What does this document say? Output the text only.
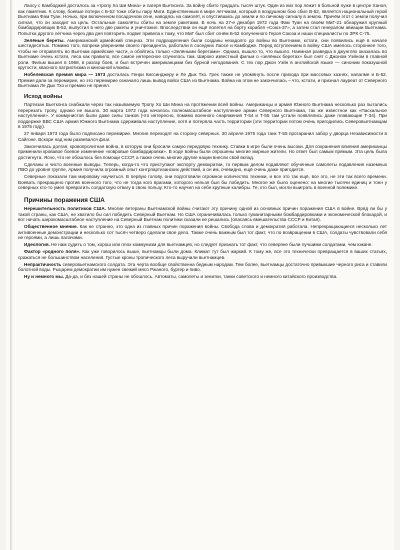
Лаосу с Камбоджей досталось за «тропу Хо Ши Мина» и лагеря Вьетконга. За войну сбито тридцать тысяч штук. Один из них пор лежит в больной луже в центре Ханоя, как памятник. К слову, боевые потери с Б-52 тоже сбиты пару Миги. Единственным в мире летчиком, который в воздушном бою сбил B-52, является национальный герой Вьетнама Фам Туан. Ночью, при включенном посадочном огне, наводясь на самолёт, и опустившись до земли и по личному сигналу в землю. Причём этот с земли получил сигнал, что он заходит на цель. Остальные самолёты сбиты на земле ракетами. В ночь на 27-е декабря 1972 года Фам Туан на своём МиГ-21 обнаружил крупный бомбардировщик B-52, выпустил в него две ракеты и уничтожил. Впоследствии он ещё полетел на борту корабля «Союз-37», а затем стал генералом авиации Вьетнама. Попытка другого летчика через два дня повторить подвиг привела к тому, что МиГ был сбит огнём Б-52 полученного Героя Союза и наши специалисты по ЗРК С-75.

Зелёные береты. Американский армейский спецназ. Эти подразделения были созданы незадолго до войны во Вьетнаме, кстати, они появились ещё в начале шестидесятых. Помимо того, вопреки уверениям своего президента, работали в соседних Лаосе и Камбодже. Перед вступлением в войну США имелось стороннее того, чтобы не отправлять во Вьетнам армейские части, а обойтись только «Зелёными беретами». Однако, вышло то, что вышло. Наемная разведка в джунглях оказалась во Вьетнаме очень кстати, леса как правило, все самое интересное случилось там. Широко известный фильм о «зелёных беретах» был снят с Джоном Уэйном в главной роли. Фильм вышел в 1968, в разгар боев, и был встречен американцами без бурной негодования. С тех пор Джон Уэйн в английской языке — синоним показушной крутости, квасного патриотизма и киношной клюквы.

Нобелевская премия мира — 1973 досталась Генри Киссинджеру и Ле Дык Тхо. Грех также не упомянуть после прихода при массовых казнях, напалме и Б-52. Премия дали за перемирие, но это перемирие означало лишь вывод войск США из Вьетнама. Война на этом не закончилась – что, кстати, и признал лауреат от Северного Вьетнама Ле Дык Тхо и премию не принял.

Исход войны

Партизан Вьетконга снабжали через так называемую Тропу Хо Ши Мина на протяжении всей войны. Американцы и армия Южного Вьетнама несколько раз пытались перерезать тропу, однако не вышло. 30 марта 1972 года началось полномасштабное наступление армии Северного Вьетнама, так же известное как «Пасхальное наступление». У коммунистов были даже силы танков (что интересно, помимо военного снаряжения Т-54 и Т-55 там устали появлялись даже плавающие Т-34). При поддержке ВВС США армия Южного Вьетнама сдерживала наступление, хотя и потеряла часть территории (эти территории потом очень пригодились Северовьетнамцам в 1975 году).

27 января 1973 года было подписано перемирие. Многие переходят на сторону северных. 30 апреля 1975 года танк Т-55 протаранил забор у дворца Независимости в Сайгоне. Вскоре над ним развевался флаг.

Закончилась долгая, кровопролитная война, в которую они бросили самую передовую технику. Ставки в игре были очень высоки. Для сохранения влияния американцы применили кровавое боевое изменение «ковровые бомбардировки». В ходе войны были опрошены многие мирные жители. Но ответ был самым прямым. Эта цель была достигнута. Ясно, что не обошлось без помощи СССР, а также очень многие другие нации внесли свой вклад.

Сделаны и чисто военные выводы. Теперь, когда-то что приступают экспорту демократии, то первым делом подавляют обученные самолеты подавления наземных ПВО до уровня группе, Армия получила огромный опыт контрпартизанских действий, а он им, очевидно, ещё очень даже пригодится.

Северные показали там мировому научиться. В первую голову, они подготовили огромное количество техники, и все это так ещё, все это, не эти так всего времени. Воевать прекращено против военного того, что не тогда кого врагами, которого нельзя был бы победить. Многое же было оценено: на многие тысячи единиц и тонн у северных кто-то умел превратить солдатскую отвагу в свою пользу. Кто-то научил на себе крупные калибры. Те, кто был, могли выиграть в военной полемике.

Причины поражения США

Нерешительность политиков США. Многие ветераны Вьетнамской войны считают эту причину одной из основных причин поражения США в войне. Вряд ли бы у такой страны, как США, не хватило бы сил победить Северный Вьетнам. Но США ограничивалась только гуманитарными бомбардировками и экономической блокадой, и вот начать широкомасштабное наступление на Северный Вьетнам политики сказали не решались (опасаясь вмешательства СССР и Китая).

Общественное мнение. Как не странно, это одна из главных причин поражения войны. Свобода слова и демократия работала. Непрекращающиеся несколько лет антивоенные демонстрации и несколько сот тысяч четверо сделали свое дело. Также очень важным был тот факт, что по возвращении в США, солдаты чувствовали себя не героями, а лишь палачами.

Идеология. Не нам судить о том, хорош или плох коммунизм для вьетнамцев, но следует признать тот факт, что северяне были лучшими солдатами, чем южане.

Фактор «родного поля». Как уже говорилось выше, вьетнамцы были дома. Климат тут был жаркий. К тому же, все это технически превращается в ваших статьях, сражаться не большинством населения. Густые кроны тропического леса выручили вьетнамцев.

Непрактичность северовьетнамского солдата. Эта черта вообще свойственна бедным народам. Тем более, вьетнамцы достаточно привыкшие черного риса и ставили болотной воды. Рыцарем демократии им нужен свежий мясо Ржаного, бургер и пиво.

Ну и немного мы. Да-да, и без нашей страны не обошлось. Автоматы, самолеты и зенитки, танки советского и немного китайского производства.
